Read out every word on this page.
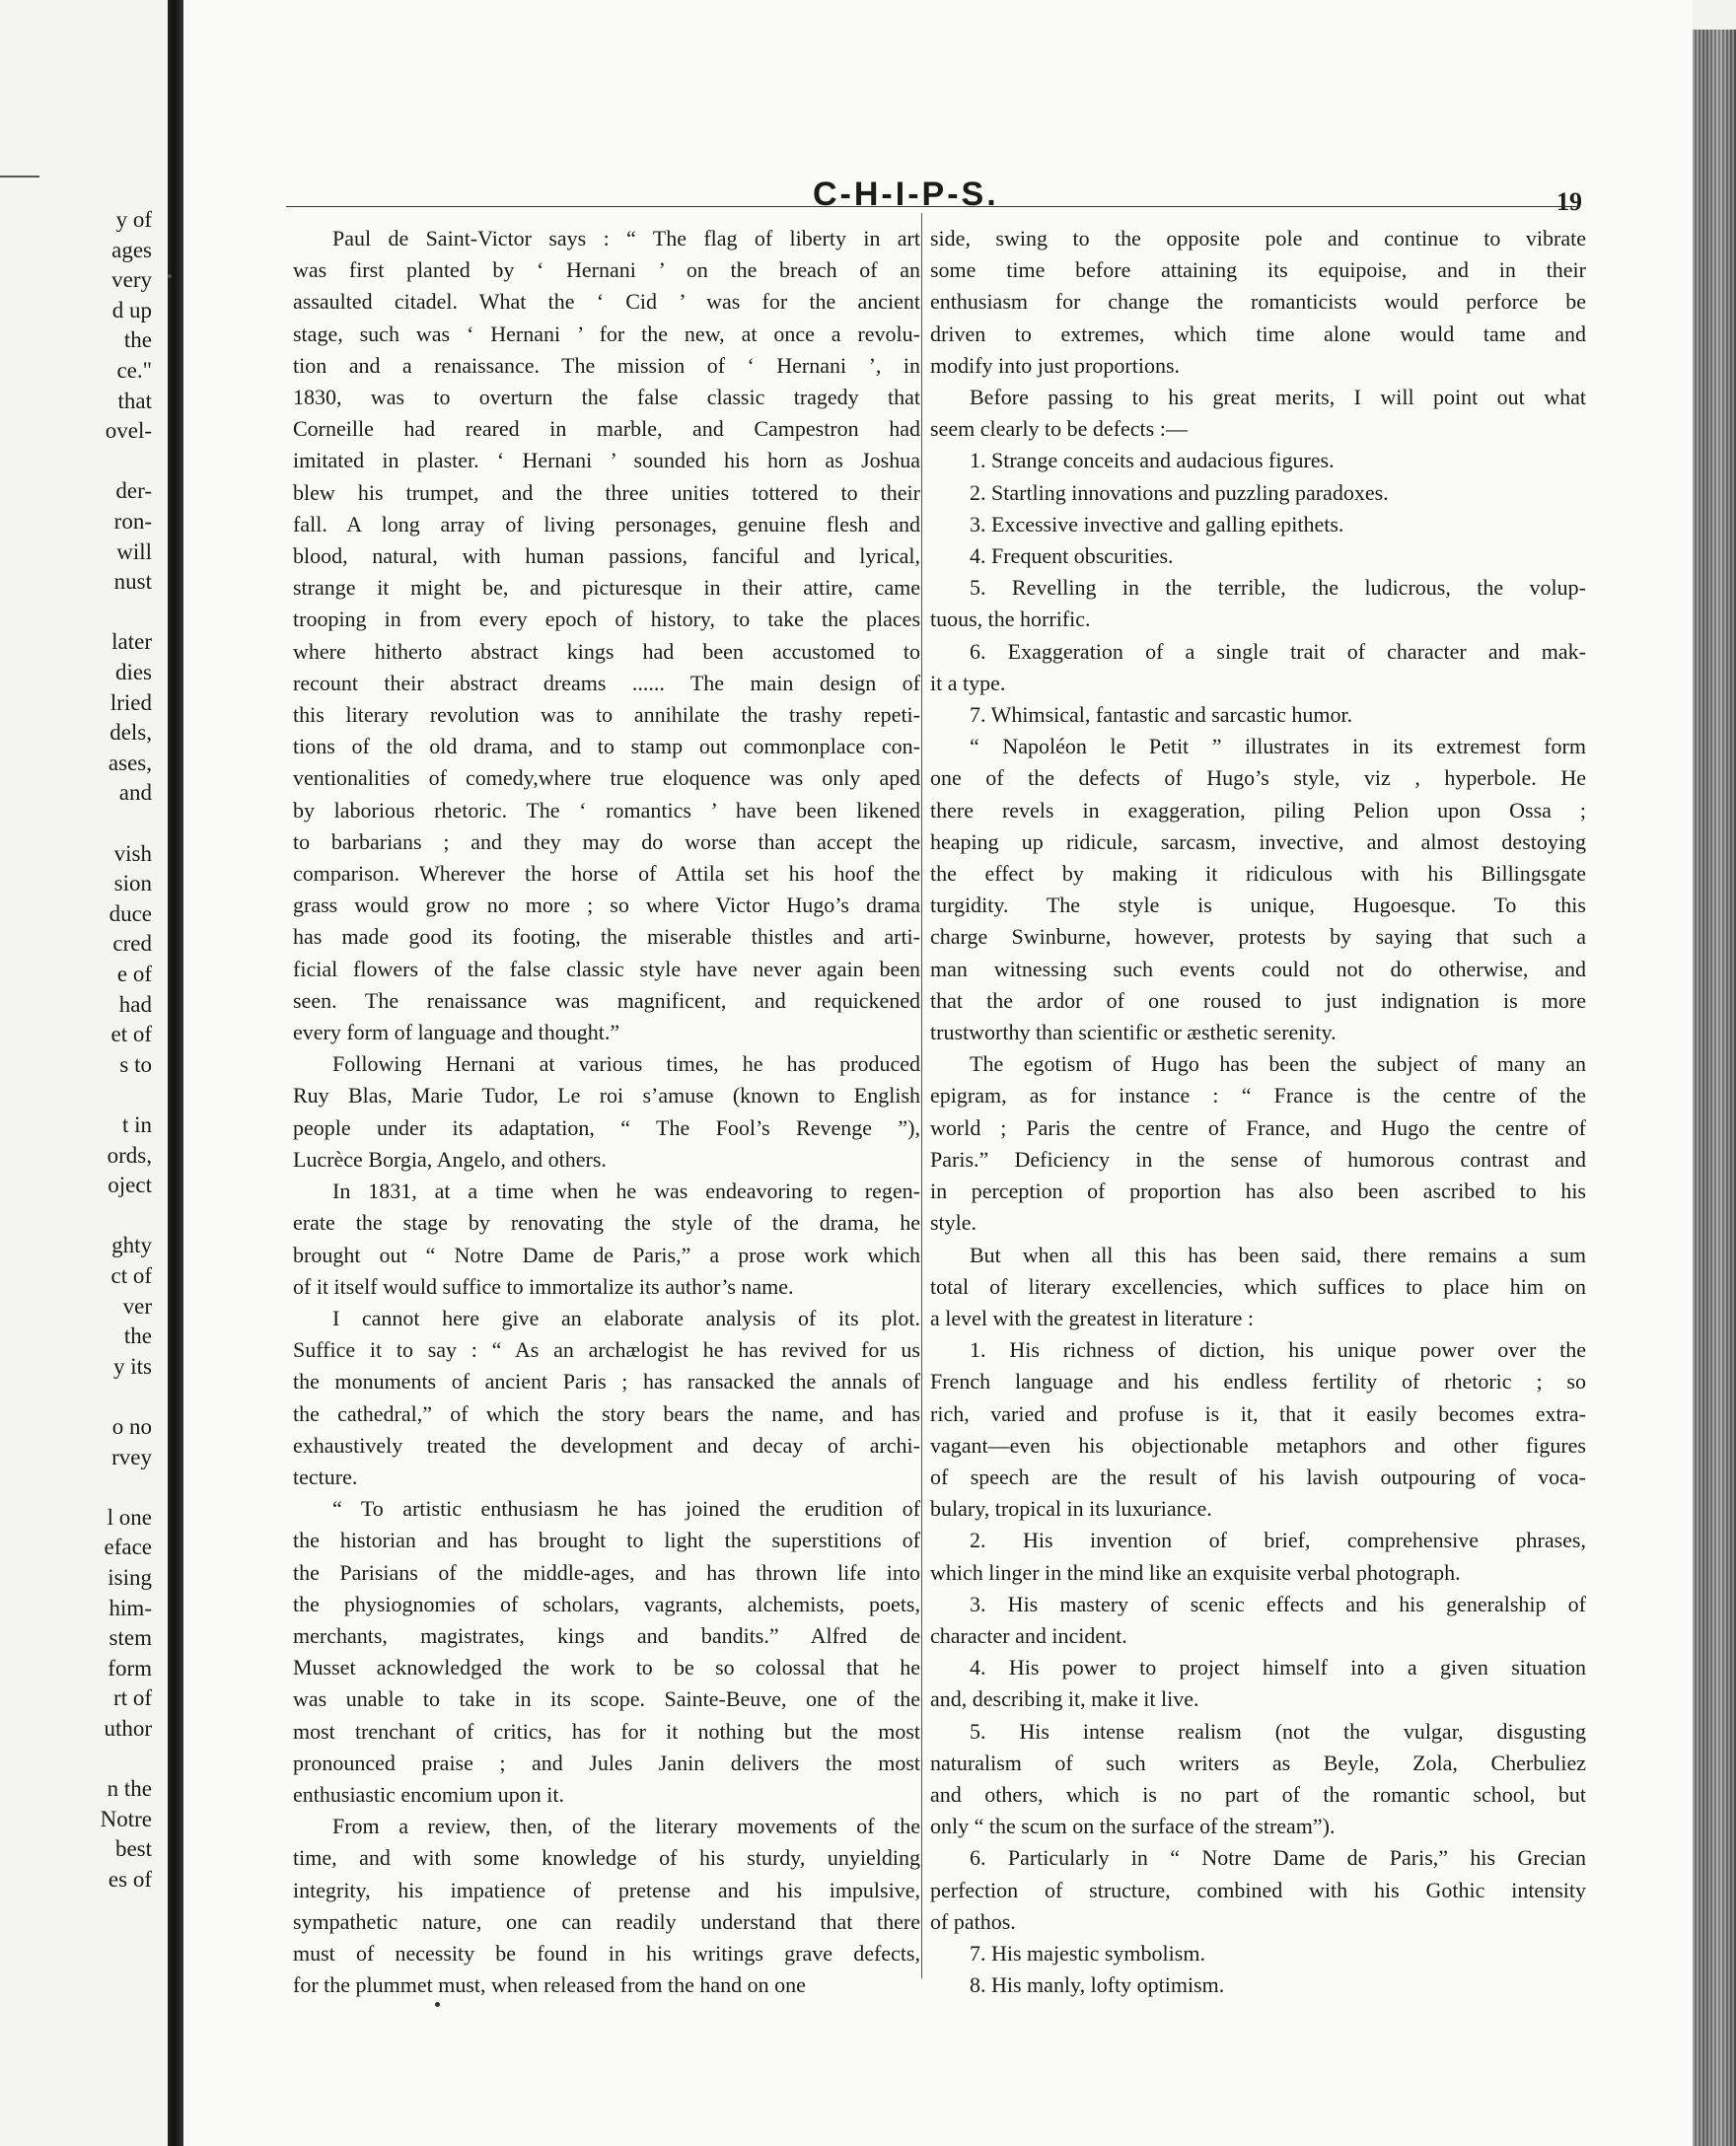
y of
ages
very
d up
the
ce."
that
ovel-
der-
ron-
will
nust
later
dies
lried
dels,
ases,
and
vish
sion
duce
cred
e of
had
et of
s to
t in
ords,
oject
ghty
ct of
ver
the
y its
o no
rvey
l one
eface
ising
him-
stem
form
rt of
uthor
n the
Notre
best
es of
C-H-I-P-S.	19
Paul de Saint-Victor says : “ The flag of liberty in art
was first planted by ‘ Hernani ’ on the breach of an
assaulted citadel. What the ‘ Cid ’ was for the ancient
stage, such was ‘ Hernani ’ for the new, at once a revolu-
tion and a renaissance. The mission of ‘ Hernani ’, in
1830, was to overturn the false classic tragedy that
Corneille had reared in marble, and Campestron had
imitated in plaster. ‘ Hernani ’ sounded his horn as Joshua
blew his trumpet, and the three unities tottered to their
fall. A long array of living personages, genuine flesh and
blood, natural, with human passions, fanciful and lyrical,
strange it might be, and picturesque in their attire, came
trooping in from every epoch of history, to take the places
where hitherto abstract kings had been accustomed to
recount their abstract dreams ...... The main design of
this literary revolution was to annihilate the trashy repeti-
tions of the old drama, and to stamp out commonplace con-
ventionalities of comedy,where true eloquence was only aped
by laborious rhetoric. The ‘ romantics ’ have been likened
to barbarians ; and they may do worse than accept the
comparison. Wherever the horse of Attila set his hoof the
grass would grow no more ; so where Victor Hugo’s drama
has made good its footing, the miserable thistles and arti-
ficial flowers of the false classic style have never again been
seen. The renaissance was magnificent, and requickened
every form of language and thought.”
Following Hernani at various times, he has produced
Ruy Blas, Marie Tudor, Le roi s’amuse (known to English
people under its adaptation, “ The Fool’s Revenge ”),
Lucrèce Borgia, Angelo, and others.
In 1831, at a time when he was endeavoring to regen-
erate the stage by renovating the style of the drama, he
brought out “ Notre Dame de Paris,” a prose work which
of it itself would suffice to immortalize its author’s name.
I cannot here give an elaborate analysis of its plot.
Suffice it to say : “ As an archælogist he has revived for us
the monuments of ancient Paris ; has ransacked the annals of
the cathedral,” of which the story bears the name, and has
exhaustively treated the development and decay of archi-
tecture.
“ To artistic enthusiasm he has joined the erudition of
the historian and has brought to light the superstitions of
the Parisians of the middle-ages, and has thrown life into
the physiognomies of scholars, vagrants, alchemists, poets,
merchants, magistrates, kings and bandits.” Alfred de
Musset acknowledged the work to be so colossal that he
was unable to take in its scope. Sainte-Beuve, one of the
most trenchant of critics, has for it nothing but the most
pronounced praise ; and Jules Janin delivers the most
enthusiastic encomium upon it.
From a review, then, of the literary movements of the
time, and with some knowledge of his sturdy, unyielding
integrity, his impatience of pretense and his impulsive,
sympathetic nature, one can readily understand that there
must of necessity be found in his writings grave defects,
for the plummet must, when released from the hand on one
side, swing to the opposite pole and continue to vibrate
some time before attaining its equipoise, and in their
enthusiasm for change the romanticists would perforce be
driven to extremes, which time alone would tame and
modify into just proportions.
Before passing to his great merits, I will point out what
seem clearly to be defects :—
1. Strange conceits and audacious figures.
2. Startling innovations and puzzling paradoxes.
3. Excessive invective and galling epithets.
4. Frequent obscurities.
5. Revelling in the terrible, the ludicrous, the volup-
tuous, the horrific.
6. Exaggeration of a single trait of character and mak-
it a type.
7. Whimsical, fantastic and sarcastic humor.
“ Napoléon le Petit ” illustrates in its extremest form
one of the defects of Hugo’s style, viz , hyperbole. He
there revels in exaggeration, piling Pelion upon Ossa ;
heaping up ridicule, sarcasm, invective, and almost destoying
the effect by making it ridiculous with his Billingsgate
turgidity. The style is unique, Hugoesque. To this
charge Swinburne, however, protests by saying that such a
man witnessing such events could not do otherwise, and
that the ardor of one roused to just indignation is more
trustworthy than scientific or æsthetic serenity.
The egotism of Hugo has been the subject of many an
epigram, as for instance : “ France is the centre of the
world ; Paris the centre of France, and Hugo the centre of
Paris.” Deficiency in the sense of humorous contrast and
in perception of proportion has also been ascribed to his
style.
But when all this has been said, there remains a sum
total of literary excellencies, which suffices to place him on
a level with the greatest in literature :
1. His richness of diction, his unique power over the
French language and his endless fertility of rhetoric ; so
rich, varied and profuse is it, that it easily becomes extra-
vagant—even his objectionable metaphors and other figures
of speech are the result of his lavish outpouring of voca-
bulary, tropical in its luxuriance.
2. His invention of brief, comprehensive phrases,
which linger in the mind like an exquisite verbal photograph.
3. His mastery of scenic effects and his generalship of
character and incident.
4. His power to project himself into a given situation
and, describing it, make it live.
5. His intense realism (not the vulgar, disgusting
naturalism of such writers as Beyle, Zola, Cherbuliez
and others, which is no part of the romantic school, but
only “ the scum on the surface of the stream”).
6. Particularly in “ Notre Dame de Paris,” his Grecian
perfection of structure, combined with his Gothic intensity
of pathos.
7. His majestic symbolism.
8. His manly, lofty optimism.
